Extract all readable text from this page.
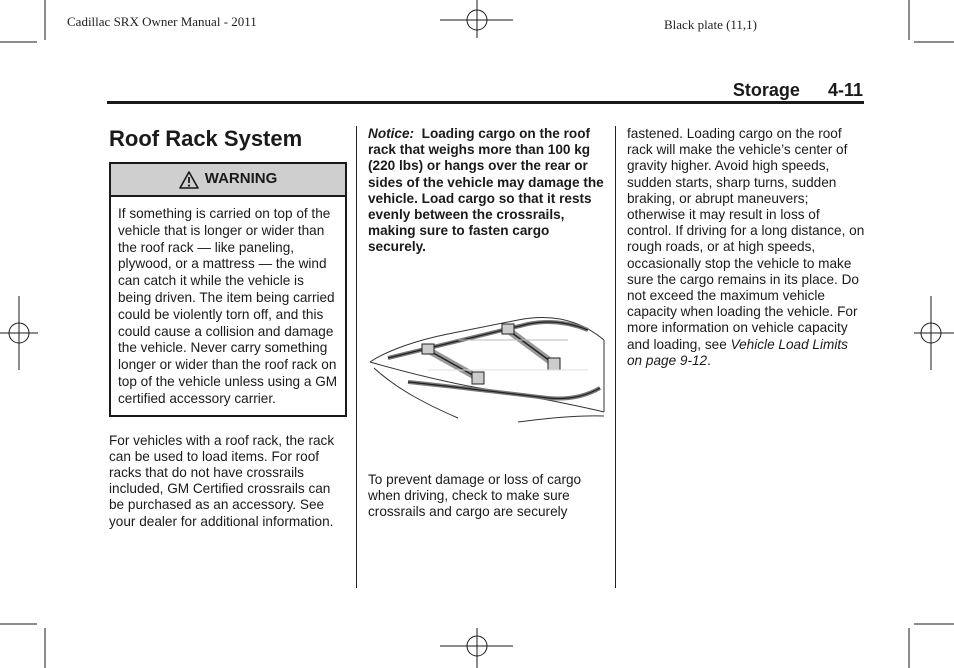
Cadillac SRX Owner Manual - 2011	Black plate (11,1)
Storage 4-11
Roof Rack System
WARNING
If something is carried on top of the vehicle that is longer or wider than the roof rack — like paneling, plywood, or a mattress — the wind can catch it while the vehicle is being driven. The item being carried could be violently torn off, and this could cause a collision and damage the vehicle. Never carry something longer or wider than the roof rack on top of the vehicle unless using a GM certified accessory carrier.

For vehicles with a roof rack, the rack can be used to load items. For roof racks that do not have crossrails included, GM Certified crossrails can be purchased as an accessory. See your dealer for additional information.

Notice: Loading cargo on the roof rack that weighs more than 100 kg (220 lbs) or hangs over the rear or sides of the vehicle may damage the vehicle. Load cargo so that it rests evenly between the crossrails, making sure to fasten cargo securely.

To prevent damage or loss of cargo when driving, check to make sure crossrails and cargo are securely

fastened. Loading cargo on the roof rack will make the vehicle’s center of gravity higher. Avoid high speeds, sudden starts, sharp turns, sudden braking, or abrupt maneuvers; otherwise it may result in loss of control. If driving for a long distance, on rough roads, or at high speeds, occasionally stop the vehicle to make sure the cargo remains in its place. Do not exceed the maximum vehicle capacity when loading the vehicle. For more information on vehicle capacity and loading, see Vehicle Load Limits on page 9-12.
